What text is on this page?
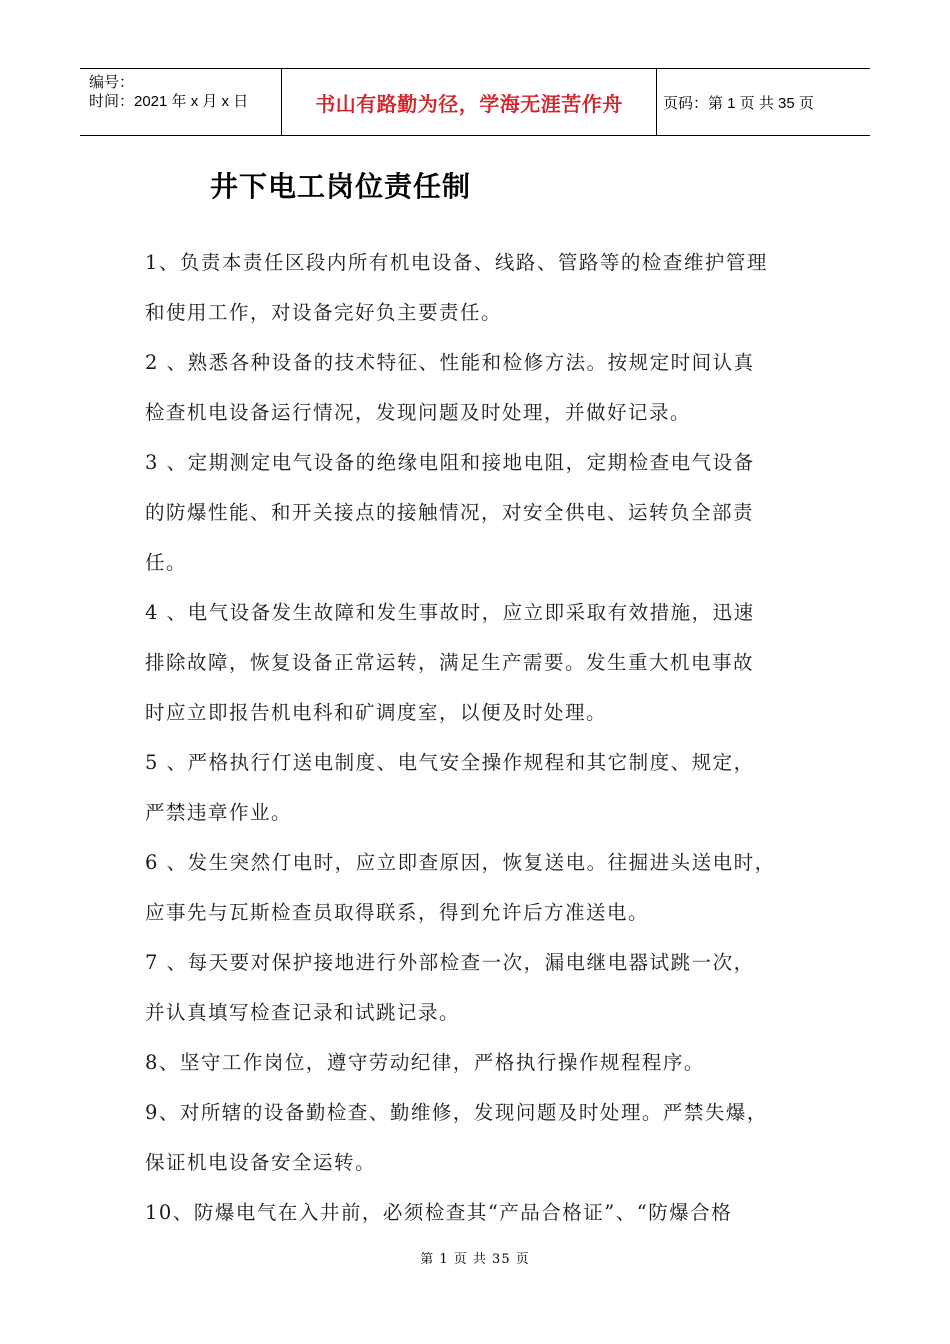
编号：
时间：2021 年 x 月 x 日	书山有路勤为径，学海无涯苦作舟	页码：第 1 页 共 35 页
井下电工岗位责任制

1、负责本责任区段内所有机电设备、线路、管路等的检查维护管理

和使用工作，对设备完好负主要责任。

2 、熟悉各种设备的技术特征、性能和检修方法。按规定时间认真

检查机电设备运行情况，发现问题及时处理，并做好记录。

3 、定期测定电气设备的绝缘电阻和接地电阻，定期检查电气设备

的防爆性能、和开关接点的接触情况，对安全供电、运转负全部责

任。

4 、电气设备发生故障和发生事故时，应立即采取有效措施，迅速

排除故障，恢复设备正常运转，满足生产需要。发生重大机电事故

时应立即报告机电科和矿调度室，以便及时处理。

5 、严格执行仃送电制度、电气安全操作规程和其它制度、规定，

严禁违章作业。

6 、发生突然仃电时，应立即查原因，恢复送电。往掘进头送电时，

应事先与瓦斯检查员取得联系，得到允许后方准送电。

7 、每天要对保护接地进行外部检查一次，漏电继电器试跳一次，

并认真填写检查记录和试跳记录。

8、坚守工作岗位，遵守劳动纪律，严格执行操作规程程序。

9、对所辖的设备勤检查、勤维修，发现问题及时处理。严禁失爆，

保证机电设备安全运转。

10、防爆电气在入井前，必须检查其“产品合格证”、“防爆合格

第 1 页 共 35 页
